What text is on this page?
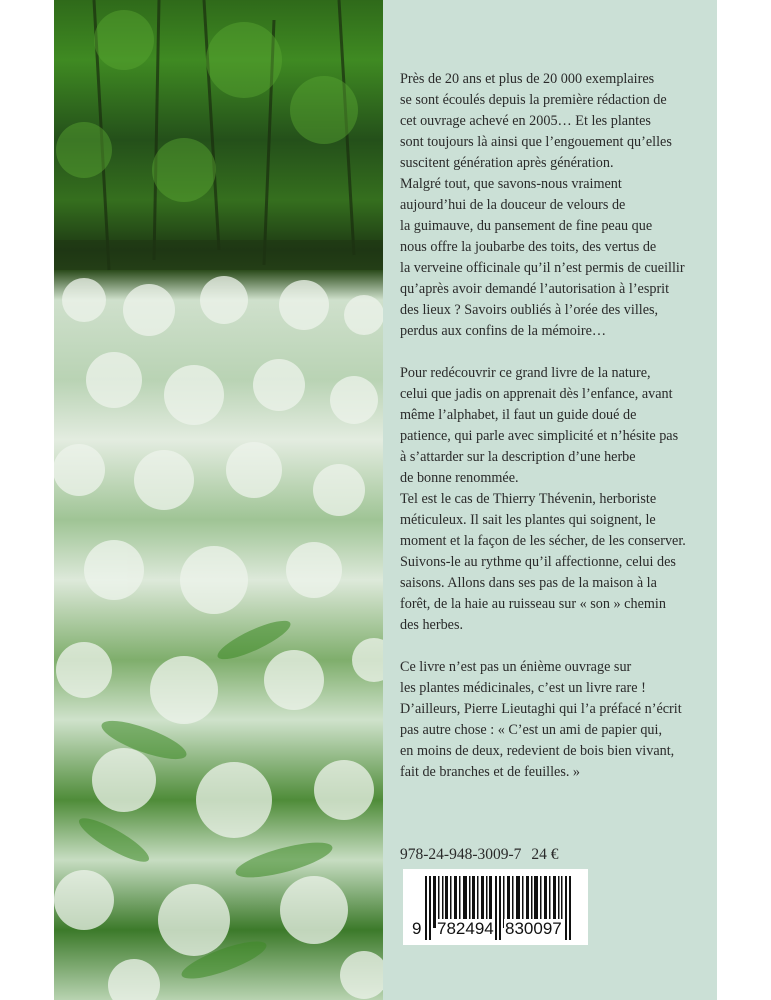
Près de 20 ans et plus de 20 000 exemplaires
se sont écoulés depuis la première rédaction de
cet ouvrage achevé en 2005… Et les plantes
sont toujours là ainsi que l’engouement qu’elles
suscitent génération après génération.
Malgré tout, que savons-nous vraiment
aujourd’hui de la douceur de velours de
la guimauve, du pansement de fine peau que
nous offre la joubarbe des toits, des vertus de
la verveine officinale qu’il n’est permis de cueillir
qu’après avoir demandé l’autorisation à l’esprit
des lieux ? Savoirs oubliés à l’orée des villes,
perdus aux confins de la mémoire…

Pour redécouvrir ce grand livre de la nature,
celui que jadis on apprenait dès l’enfance, avant
même l’alphabet, il faut un guide doué de
patience, qui parle avec simplicité et n’hésite pas
à s’attarder sur la description d’une herbe
de bonne renommée.
Tel est le cas de Thierry Thévenin, herboriste
méticuleux. Il sait les plantes qui soignent, le
moment et la façon de les sécher, de les conserver.
Suivons-le au rythme qu’il affectionne, celui des
saisons. Allons dans ses pas de la maison à la
forêt, de la haie au ruisseau sur « son » chemin
des herbes.

Ce livre n’est pas un énième ouvrage sur
les plantes médicinales, c’est un livre rare !
D’ailleurs, Pierre Lieutaghi qui l’a préfacé n’écrit
pas autre chose : « C’est un ami de papier qui,
en moins de deux, redevient de bois bien vivant,
fait de branches et de feuilles. »

978-24-948-3009-7 24 €
9 782494 830097
